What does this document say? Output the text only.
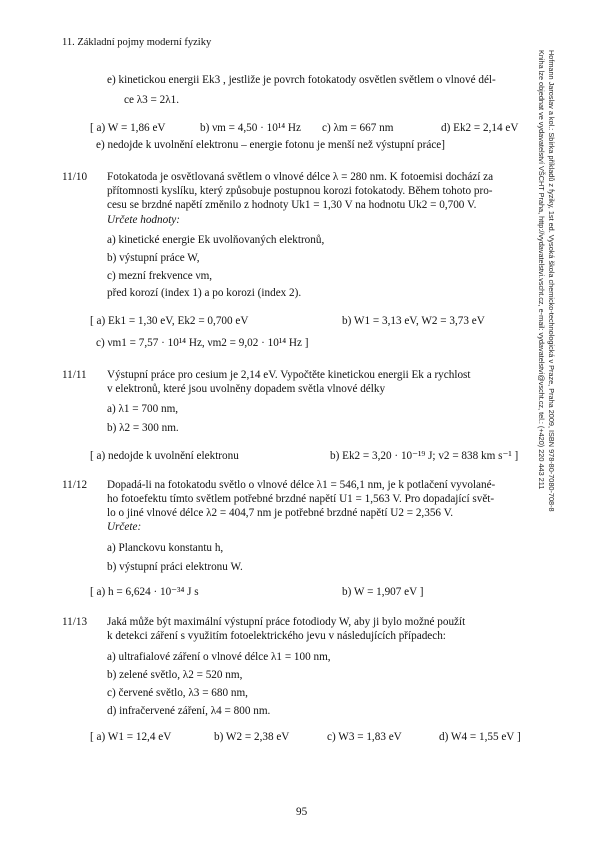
11. Základní pojmy moderní fyziky
Hofmann Jaroslav a kol.: Sbírka příkladů z fyziky, 1st ed. Vysoká škola chemicko-technologická v Praze, Praha 2009, ISBN 978-80-7080-708-8
Kniha lze objednat ve vydavatelství VŠCHT Praha, http://vydavatelstvi.vscht.cz, e-mail: vydavatelstvi@vscht.cz, tel.: (+420) 220 443 211
e) kinetickou energii Ek3 , jestliže je povrch fotokatody osvětlen světlem o vlnové dél-
ce λ3 = 2λ1.
[ a) W = 1,86 eV	b) νm = 4,50 · 10¹⁴ Hz c) λm = 667 nm	d) Ek2 = 2,14 eV
e) nedojde k uvolnění elektronu – energie fotonu je menší než výstupní práce]
11/10 Fotokatoda je osvětlovaná světlem o vlnové délce λ = 280 nm. K fotoemisi dochází za
přítomnosti kyslíku, který způsobuje postupnou korozi fotokatody. Během tohoto pro-
cesu se brzdné napětí změnilo z hodnoty Uk1 = 1,30 V na hodnotu Uk2 = 0,700 V.
Určete hodnoty:
a) kinetické energie Ek uvolňovaných elektronů,
b) výstupní práce W,
c) mezní frekvence νm,
před korozí (index 1) a po korozi (index 2).
[ a) Ek1 = 1,30 eV, Ek2 = 0,700 eV	b) W1 = 3,13 eV, W2 = 3,73 eV
c) νm1 = 7,57 · 10¹⁴ Hz, νm2 = 9,02 · 10¹⁴ Hz ]
11/11 Výstupní práce pro cesium je 2,14 eV. Vypočtěte kinetickou energii Ek a rychlost
v elektronů, které jsou uvolněny dopadem světla vlnové délky
a) λ1 = 700 nm,
b) λ2 = 300 nm.
[ a) nedojde k uvolnění elektronu	b) Ek2 = 3,20 · 10⁻¹⁹ J; v2 = 838 km s⁻¹ ]
11/12 Dopadá-li na fotokatodu světlo o vlnové délce λ1 = 546,1 nm, je k potlačení vyvolané-
ho fotoefektu tímto světlem potřebné brzdné napětí U1 = 1,563 V. Pro dopadající svět-
lo o jiné vlnové délce λ2 = 404,7 nm je potřebné brzdné napětí U2 = 2,356 V.
Určete:
a) Planckovu konstantu h,
b) výstupní práci elektronu W.
[ a) h = 6,624 · 10⁻³⁴ J s	b) W = 1,907 eV ]
11/13 Jaká může být maximální výstupní práce fotodiody W, aby ji bylo možné použít
k detekci záření s využitím fotoelektrického jevu v následujících případech:
a) ultrafialové záření o vlnové délce λ1 = 100 nm,
b) zelené světlo, λ2 = 520 nm,
c) červené světlo, λ3 = 680 nm,
d) infračervené záření, λ4 = 800 nm.
[ a) W1 = 12,4 eV	b) W2 = 2,38 eV	c) W3 = 1,83 eV	d) W4 = 1,55 eV ]
95
